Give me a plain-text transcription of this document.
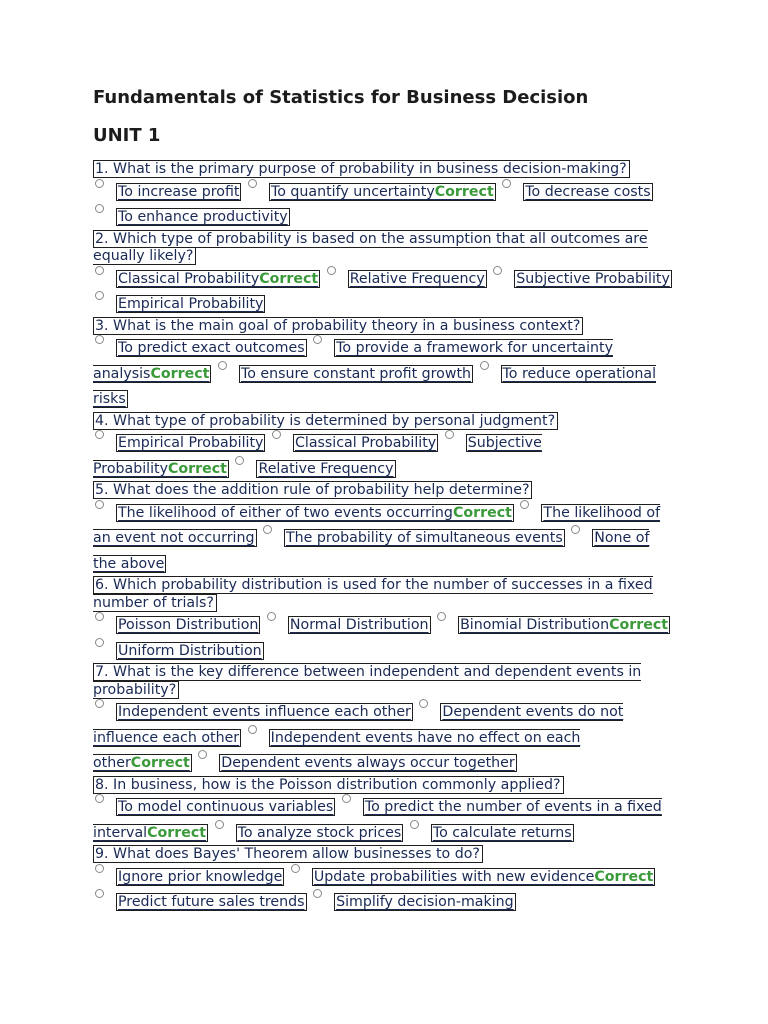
Fundamentals of Statistics for Business Decision
UNIT 1
1. What is the primary purpose of probability in business decision-making?
To increase profit To quantify uncertaintyCorrect To decrease costs To enhance productivity
2. Which type of probability is based on the assumption that all outcomes are equally likely?
Classical ProbabilityCorrect Relative Frequency Subjective Probability Empirical Probability
3. What is the main goal of probability theory in a business context?
To predict exact outcomes To provide a framework for uncertainty analysisCorrect To ensure constant profit growth To reduce operational risks
4. What type of probability is determined by personal judgment?
Empirical Probability Classical Probability Subjective ProbabilityCorrect Relative Frequency
5. What does the addition rule of probability help determine?
The likelihood of either of two events occurringCorrect The likelihood of an event not occurring The probability of simultaneous events None of the above
6. Which probability distribution is used for the number of successes in a fixed number of trials?
Poisson Distribution Normal Distribution Binomial DistributionCorrect Uniform Distribution
7. What is the key difference between independent and dependent events in probability?
Independent events influence each other Dependent events do not influence each other Independent events have no effect on each otherCorrect Dependent events always occur together
8. In business, how is the Poisson distribution commonly applied?
To model continuous variables To predict the number of events in a fixed intervalCorrect To analyze stock prices To calculate returns
9. What does Bayes' Theorem allow businesses to do?
Ignore prior knowledge Update probabilities with new evidenceCorrect Predict future sales trends Simplify decision-making
